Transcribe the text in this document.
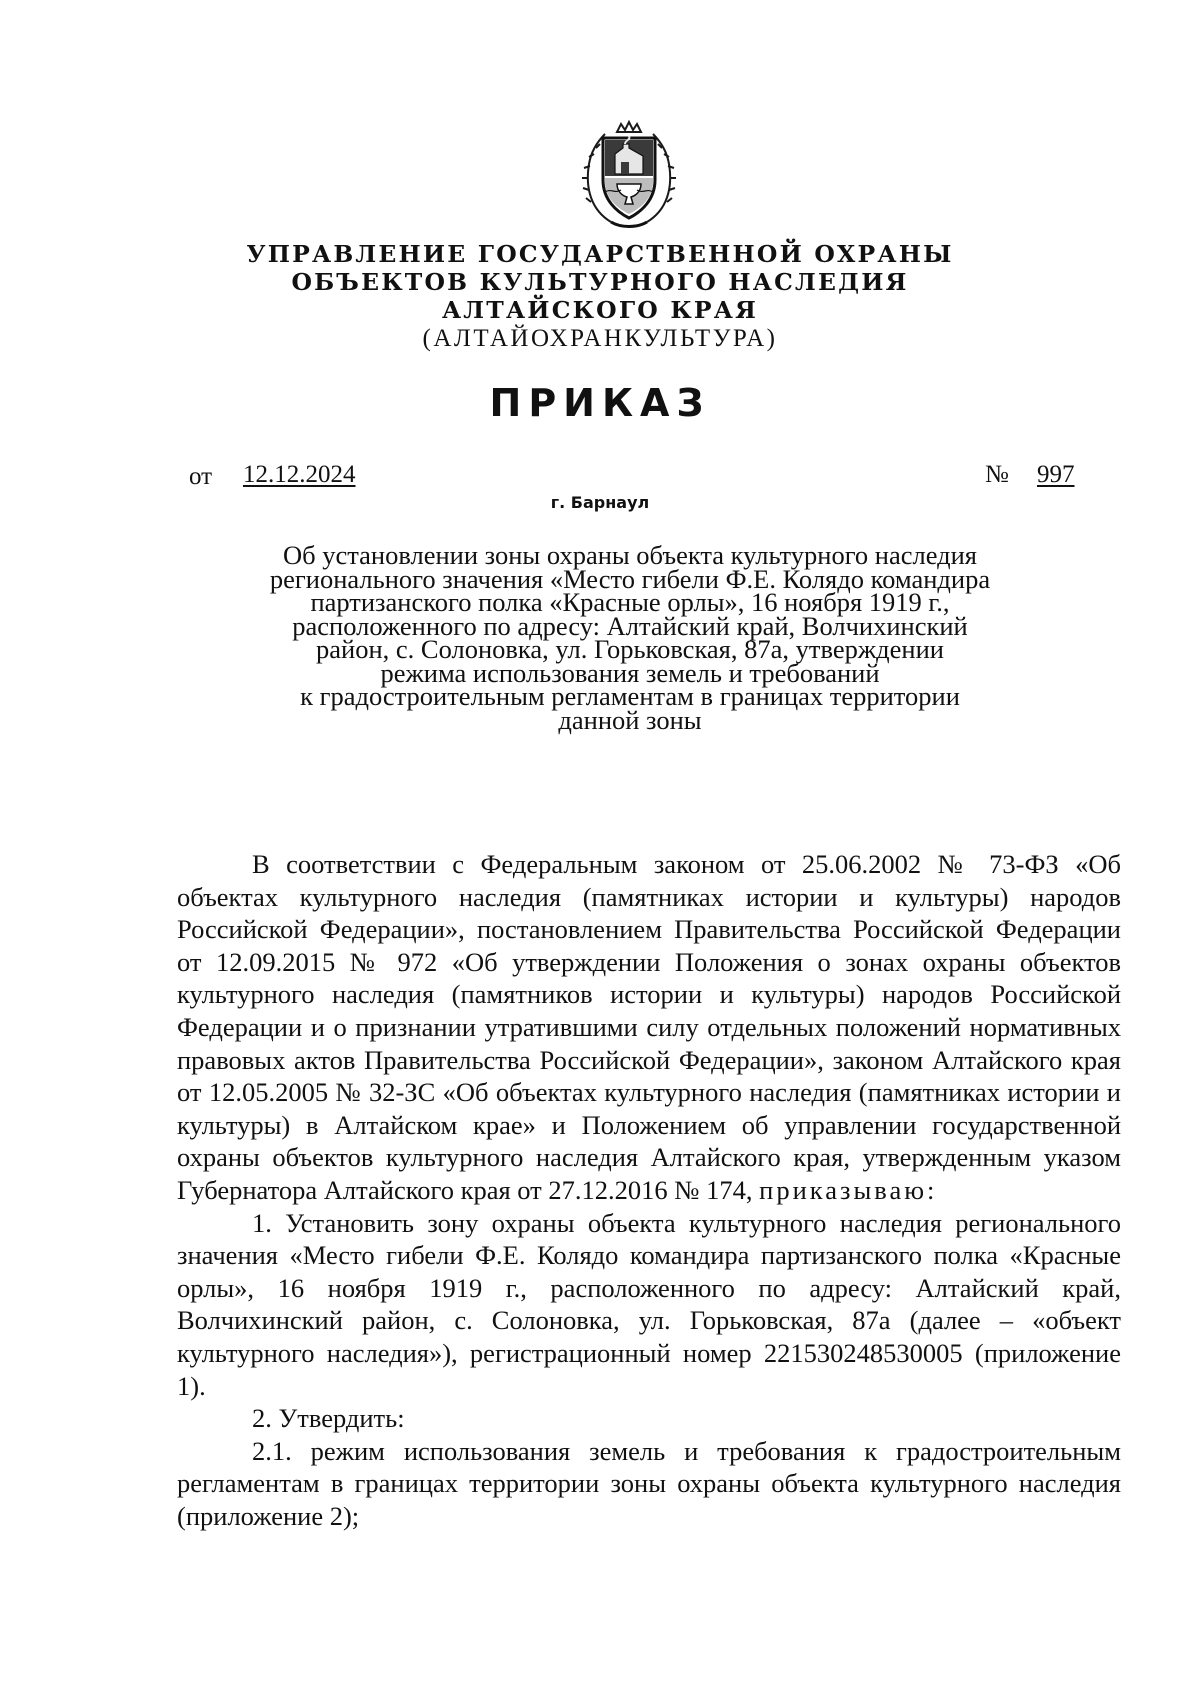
УПРАВЛЕНИЕ ГОСУДАРСТВЕННОЙ ОХРАНЫ
ОБЪЕКТОВ КУЛЬТУРНОГО НАСЛЕДИЯ
АЛТАЙСКОГО КРАЯ
(АЛТАЙОХРАНКУЛЬТУРА)
ПРИКАЗ
от 12.12.2024	№ 997
г. Барнаул
Об установлении зоны охраны объекта культурного наследия
регионального значения «Место гибели Ф.Е. Колядо командира
партизанского полка «Красные орлы», 16 ноября 1919 г.,
расположенного по адресу: Алтайский край, Волчихинский
район, с. Солоновка, ул. Горьковская, 87а, утверждении
режима использования земель и требований
к градостроительным регламентам в границах территории
данной зоны
В соответствии с Федеральным законом от 25.06.2002 № 73-ФЗ «Об объектах культурного наследия (памятниках истории и культуры) народов Российской Федерации», постановлением Правительства Российской Федерации от 12.09.2015 № 972 «Об утверждении Положения о зонах охраны объектов культурного наследия (памятников истории и культуры) народов Российской Федерации и о признании утратившими силу отдельных положений нормативных правовых актов Правительства Российской Федерации», законом Алтайского края от 12.05.2005 № 32-ЗС «Об объектах культурного наследия (памятниках истории и культуры) в Алтайском крае» и Положением об управлении государственной охраны объектов культурного наследия Алтайского края, утвержденным указом Губернатора Алтайского края от 27.12.2016 № 174, приказываю:
1. Установить зону охраны объекта культурного наследия регионального значения «Место гибели Ф.Е. Колядо командира партизанского полка «Красные орлы», 16 ноября 1919 г., расположенного по адресу: Алтайский край, Волчихинский район, с. Солоновка, ул. Горьковская, 87а (далее – «объект культурного наследия»), регистрационный номер 221530248530005 (приложение 1).
2. Утвердить:
2.1. режим использования земель и требования к градостроительным регламентам в границах территории зоны охраны объекта культурного наследия (приложение 2);
